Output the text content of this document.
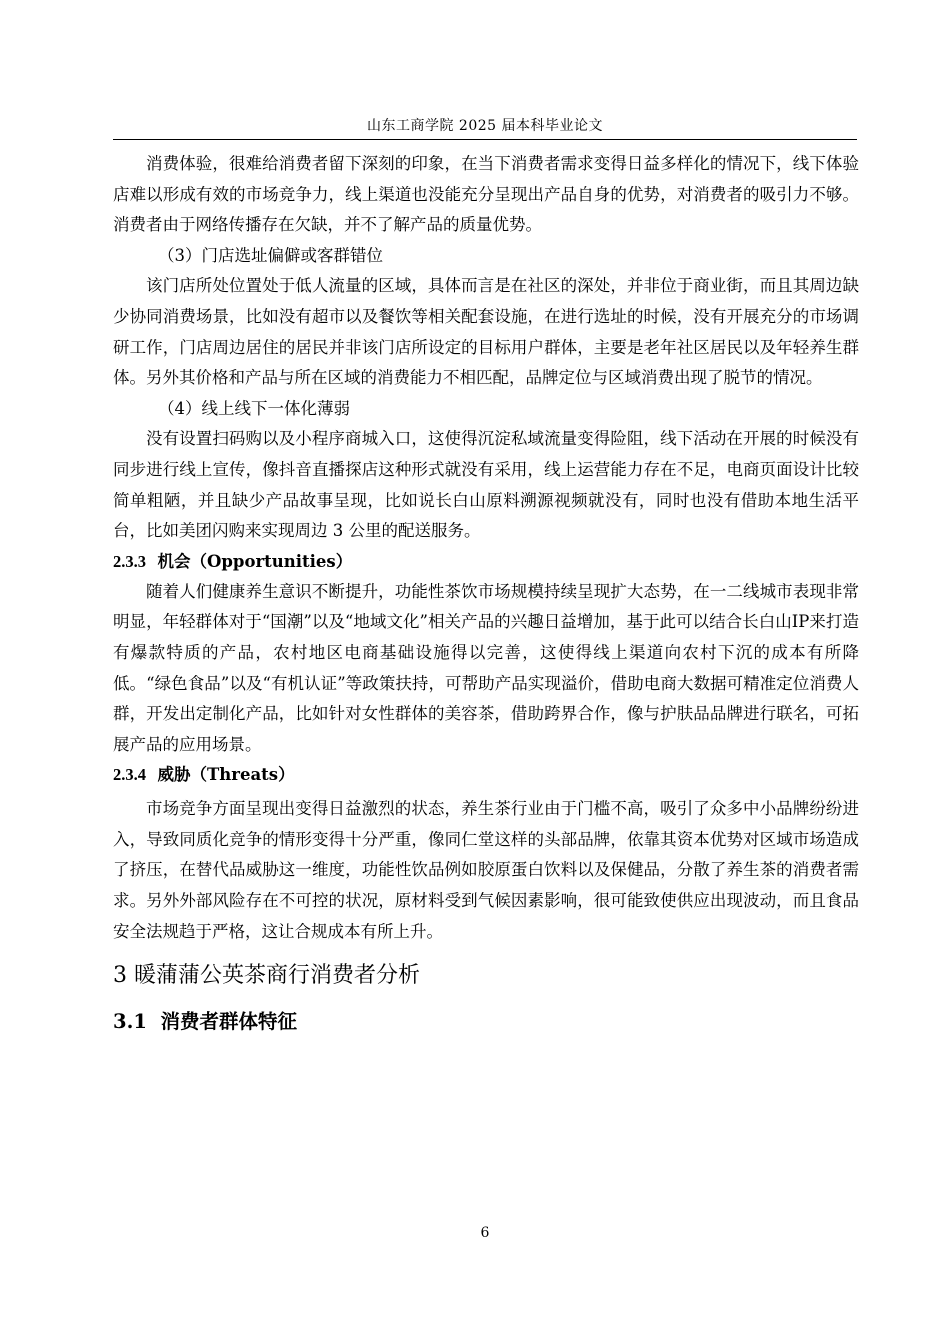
山东工商学院 2025 届本科毕业论文

消费体验，很难给消费者留下深刻的印象，在当下消费者需求变得日益多样化的情况下，线下体验店难以形成有效的市场竞争力，线上渠道也没能充分呈现出产品自身的优势，对消费者的吸引力不够。消费者由于网络传播存在欠缺，并不了解产品的质量优势。

（3）门店选址偏僻或客群错位

该门店所处位置处于低人流量的区域，具体而言是在社区的深处，并非位于商业街，而且其周边缺少协同消费场景，比如没有超市以及餐饮等相关配套设施，在进行选址的时候，没有开展充分的市场调研工作，门店周边居住的居民并非该门店所设定的目标用户群体，主要是老年社区居民以及年轻养生群体。另外其价格和产品与所在区域的消费能力不相匹配，品牌定位与区域消费出现了脱节的情况。

（4）线上线下一体化薄弱

没有设置扫码购以及小程序商城入口，这使得沉淀私域流量变得险阻，线下活动在开展的时候没有同步进行线上宣传，像抖音直播探店这种形式就没有采用，线上运营能力存在不足，电商页面设计比较简单粗陋，并且缺少产品故事呈现，比如说长白山原料溯源视频就没有，同时也没有借助本地生活平台，比如美团闪购来实现周边 3 公里的配送服务。

2.3.3 机会（Opportunities）

随着人们健康养生意识不断提升，功能性茶饮市场规模持续呈现扩大态势，在一二线城市表现非常明显，年轻群体对于“国潮”以及“地域文化”相关产品的兴趣日益增加，基于此可以结合长白山IP来打造有爆款特质的产品，农村地区电商基础设施得以完善，这使得线上渠道向农村下沉的成本有所降低。“绿色食品”以及“有机认证”等政策扶持，可帮助产品实现溢价，借助电商大数据可精准定位消费人群，开发出定制化产品，比如针对女性群体的美容茶，借助跨界合作，像与护肤品品牌进行联名，可拓展产品的应用场景。

2.3.4 威胁（Threats）

市场竞争方面呈现出变得日益激烈的状态，养生茶行业由于门槛不高，吸引了众多中小品牌纷纷进入，导致同质化竞争的情形变得十分严重，像同仁堂这样的头部品牌，依靠其资本优势对区域市场造成了挤压，在替代品威胁这一维度，功能性饮品例如胶原蛋白饮料以及保健品，分散了养生茶的消费者需求。另外外部风险存在不可控的状况，原材料受到气候因素影响，很可能致使供应出现波动，而且食品安全法规趋于严格，这让合规成本有所上升。

3 暖蒲蒲公英茶商行消费者分析
3.1 消费者群体特征
6
